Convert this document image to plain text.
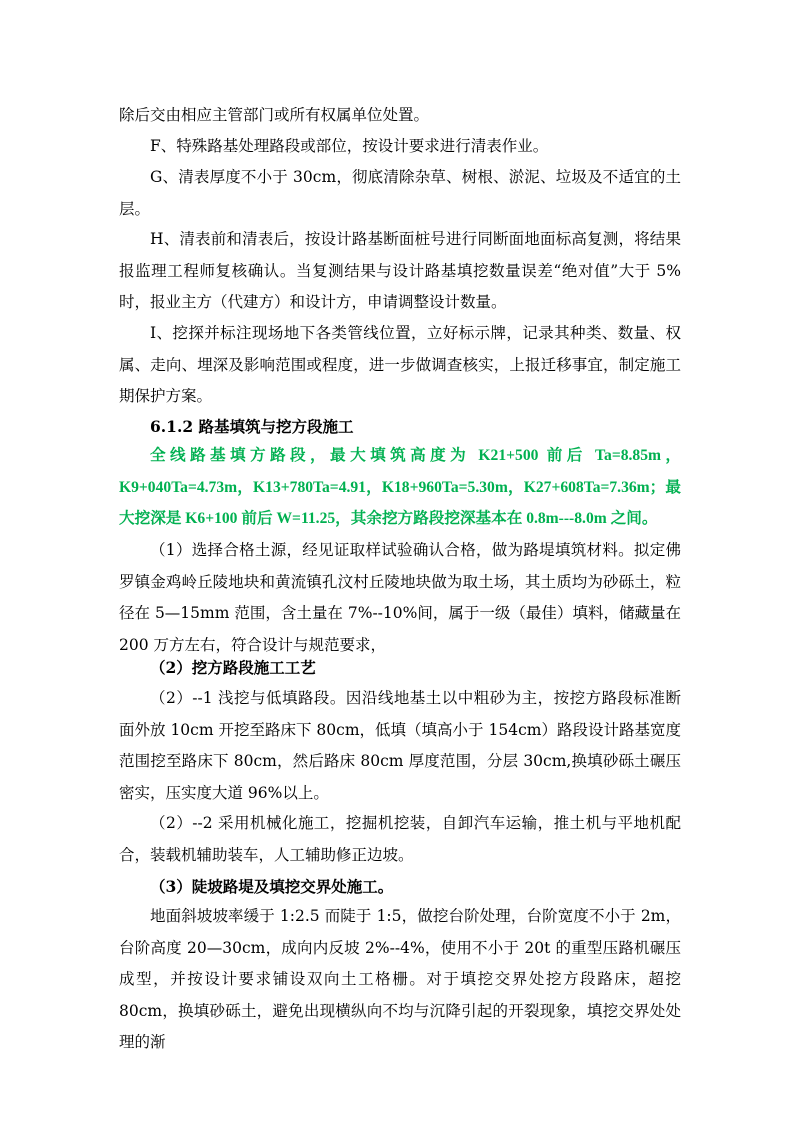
除后交由相应主管部门或所有权属单位处置。

F、特殊路基处理路段或部位，按设计要求进行清表作业。

G、清表厚度不小于 30cm，彻底清除杂草、树根、淤泥、垃圾及不适宜的土层。

H、清表前和清表后，按设计路基断面桩号进行同断面地面标高复测，将结果报监理工程师复核确认。当复测结果与设计路基填挖数量误差“绝对值”大于 5%时，报业主方（代建方）和设计方，申请调整设计数量。

I、挖探并标注现场地下各类管线位置，立好标示牌，记录其种类、数量、权属、走向、埋深及影响范围或程度，进一步做调查核实，上报迁移事宜，制定施工期保护方案。

6.1.2 路基填筑与挖方段施工

全线路基填方路段，最大填筑高度为 K21+500 前后 Ta=8.85m，K9+040Ta=4.73m，K13+780Ta=4.91，K18+960Ta=5.30m，K27+608Ta=7.36m；最大挖深是 K6+100 前后 W=11.25，其余挖方路段挖深基本在 0.8m---8.0m 之间。

（1）选择合格土源，经见证取样试验确认合格，做为路堤填筑材料。拟定佛罗镇金鸡岭丘陵地块和黄流镇孔汶村丘陵地块做为取土场，其土质均为砂砾土，粒径在 5—15mm 范围，含土量在 7%--10%间，属于一级（最佳）填料，储藏量在 200 万方左右，符合设计与规范要求，

（2）挖方路段施工工艺

（2）--1 浅挖与低填路段。因沿线地基土以中粗砂为主，按挖方路段标准断面外放 10cm 开挖至路床下 80cm，低填（填高小于 154cm）路段设计路基宽度范围挖至路床下 80cm，然后路床 80cm 厚度范围，分层 30cm,换填砂砾土碾压密实，压实度大道 96%以上。

（2）--2 采用机械化施工，挖掘机挖装，自卸汽车运输，推土机与平地机配合，装载机辅助装车，人工辅助修正边坡。

（3）陡坡路堤及填挖交界处施工。

地面斜坡坡率缓于 1:2.5 而陡于 1:5，做挖台阶处理，台阶宽度不小于 2m，台阶高度 20—30cm，成向内反坡 2%--4%，使用不小于 20t 的重型压路机碾压成型，并按设计要求铺设双向土工格栅。对于填挖交界处挖方段路床，超挖 80cm，换填砂砾土，避免出现横纵向不均与沉降引起的开裂现象，填挖交界处处理的渐
